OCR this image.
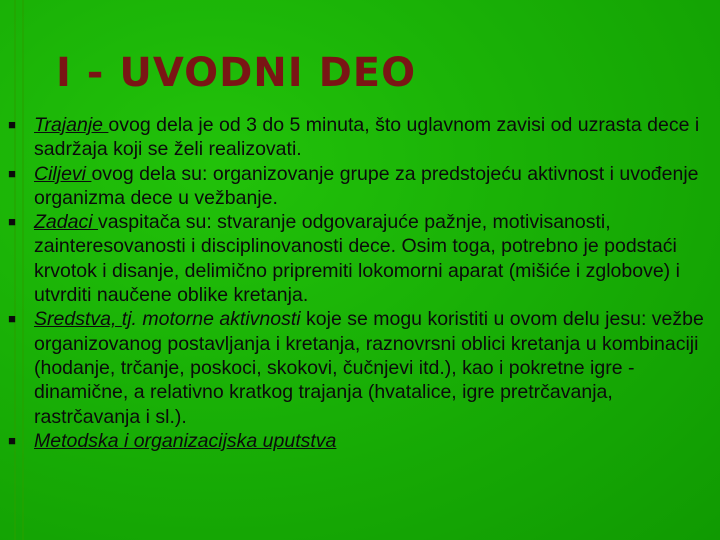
I - UVODNI DEO
■ Trajanje ovog dela je od 3 do 5 minuta, što uglavnom zavisi od uzrasta dece i sadržaja koji se želi realizovati.
■ Ciljevi ovog dela su: organizovanje grupe za predstojeću aktivnost i uvođenje organizma dece u vežbanje.
■ Zadaci vaspitača su: stvaranje odgovarajuće pažnje, motivisanosti, zainteresovanosti i disciplinovanosti dece. Osim toga, potrebno je podstaći krvotok i disanje, delimično pripremiti lokomorni aparat (mišiće i zglobove) i utvrditi naučene oblike kretanja.
■ Sredstva, tj. motorne aktivnosti koje se mogu koristiti u ovom delu jesu: vežbe organizovanog postavljanja i kretanja, raznovrsni oblici kretanja u kombinaciji (hodanje, trčanje, poskoci, skokovi, čučnjevi itd.), kao i pokretne igre - dinamične, a relativno kratkog trajanja (hvatalice, igre pretrčavanja, rastrčavanja i sl.).
■ Metodska i organizacijska uputstva
